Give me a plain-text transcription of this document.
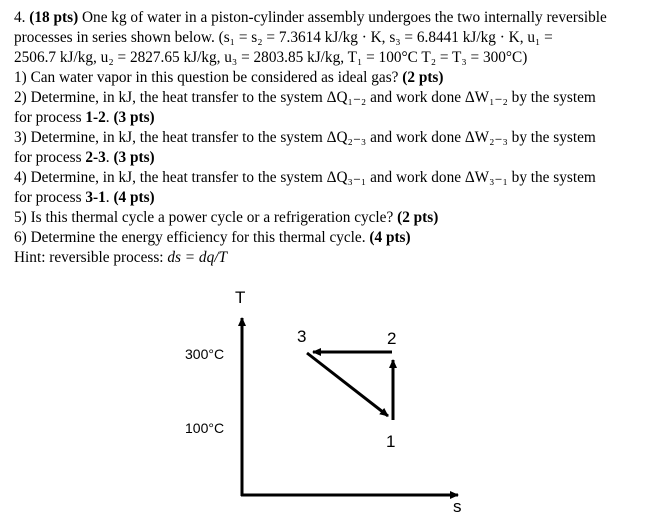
4. (18 pts) One kg of water in a piston-cylinder assembly undergoes the two internally reversible
processes in series shown below. (s₁ = s₂ = 7.3614 kJ/kg · K, s₃ = 6.8441 kJ/kg · K, u₁ =
2506.7 kJ/kg, u₂ = 2827.65 kJ/kg, u₃ = 2803.85 kJ/kg, T₁ = 100°C T₂ = T₃ = 300°C)
1) Can water vapor in this question be considered as ideal gas? (2 pts)
2) Determine, in kJ, the heat transfer to the system ΔQ₁₋₂ and work done ΔW₁₋₂ by the system
for process 1-2. (3 pts)
3) Determine, in kJ, the heat transfer to the system ΔQ₂₋₃ and work done ΔW₂₋₃ by the system
for process 2-3. (3 pts)
4) Determine, in kJ, the heat transfer to the system ΔQ₃₋₁ and work done ΔW₃₋₁ by the system
for process 3-1. (4 pts)
5) Is this thermal cycle a power cycle or a refrigeration cycle? (2 pts)
6) Determine the energy efficiency for this thermal cycle. (4 pts)
Hint: reversible process: ds = dq/T
T
s
300°C
100°C
3	2
1
